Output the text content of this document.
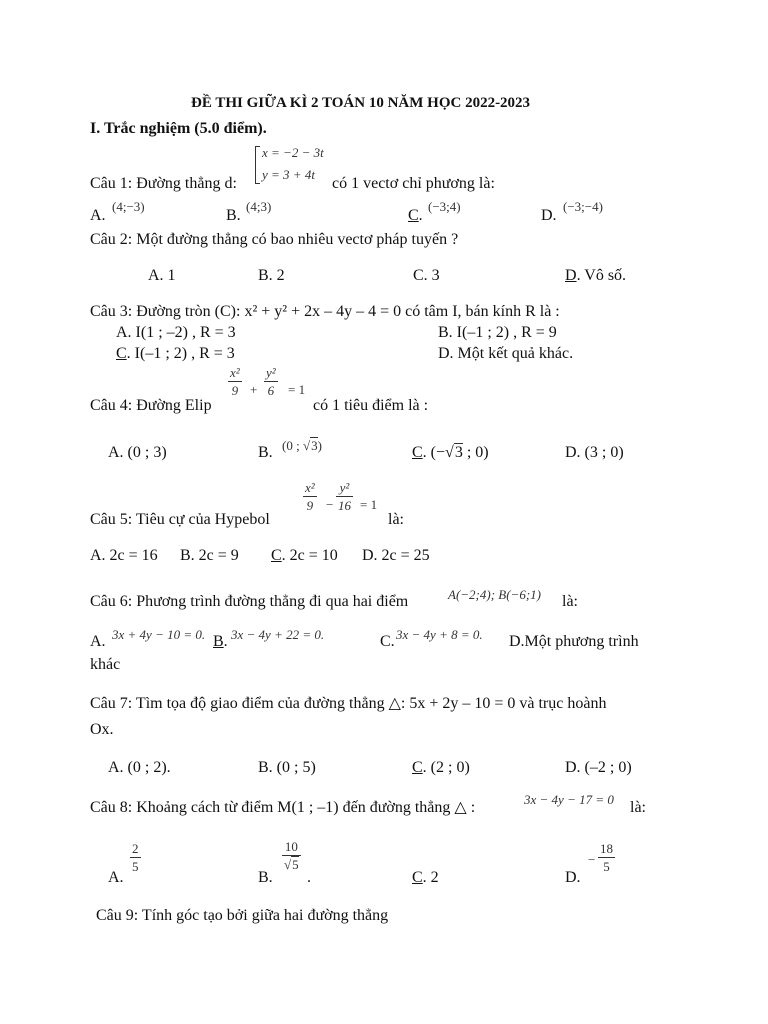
ĐỀ THI GIỮA KÌ 2 TOÁN 10 NĂM HỌC 2022-2023
I. Trắc nghiệm (5.0 điểm).
Câu 1: Đường thẳng d:
x = −2 − 3t
y = 3 + 4t
có 1 vectơ chỉ phương là:
A.
(4;−3)
B.
(4;3)
C.
(−3;4)
D.
(−3;−4)
Câu 2: Một đường thẳng có bao nhiêu vectơ pháp tuyến ?
A. 1	B. 2	C. 3	D. Vô số.
Câu 3: Đường tròn (C): x² + y² + 2x – 4y – 4 = 0 có tâm I, bán kính R là :
A. I(1 ; –2) , R = 3	B. I(–1 ; 2) , R = 9
C. I(–1 ; 2) , R = 3	D. Một kết quả khác.
Câu 4: Đường Elip
x²
9 +
y²
6 = 1
có 1 tiêu điểm là :
A. (0 ; 3)	B. (0 ; √3)	C. (−√3 ; 0)	D. (3 ; 0)
Câu 5: Tiêu cự của Hypebol
x²
9 −
y²
16 = 1
là:
A. 2c = 16 B. 2c = 9 C. 2c = 10 D. 2c = 25
Câu 6: Phương trình đường thẳng đi qua hai điểm	A(−2;4); B(−6;1) là:
A. 3x + 4y − 10 = 0. B. 3x − 4y + 22 = 0.	C. 3x − 4y + 8 = 0. D.Một phương trình
khác
Câu 7: Tìm tọa độ giao điểm của đường thẳng △: 5x + 2y – 10 = 0 và trục hoành
Ox.
A. (0 ; 2).	B. (0 ; 5)	C. (2 ; 0)	D. (–2 ; 0)
Câu 8: Khoảng cách từ điểm M(1 ; –1) đến đường thẳng △ :	3x − 4y − 17 = 0 là:
A.
2
5
B.
10
√5
.	C. 2	D.
−
18
5
Câu 9: Tính góc tạo bởi giữa hai đường thẳng
